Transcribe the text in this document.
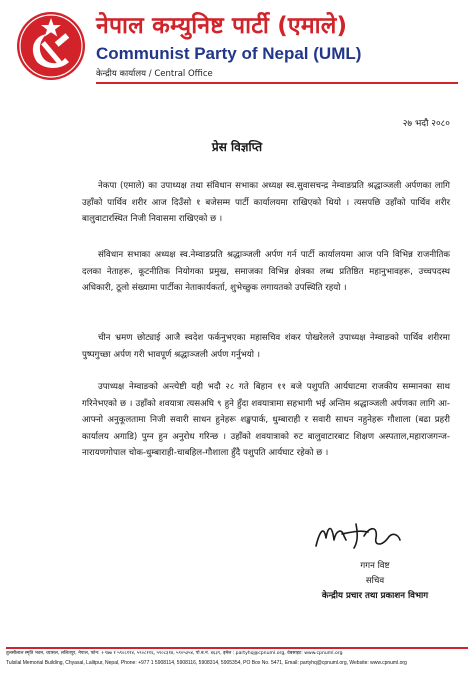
नेपाल कम्युनिष्ट पार्टी (एमाले)
Communist Party of Nepal (UML)
केन्द्रीय कार्यालय / Central Office
२७ भदौ २०८०
प्रेस विज्ञप्ति

नेकपा (एमाले) का उपाध्यक्ष तथा संविधान सभाका अध्यक्ष स्व.सुवासचन्द्र नेम्वाङप्रति श्रद्धाञ्जली अर्पणका लागि उहाँको पार्थिव शरीर आज दिउँसो १ बजेसम्म पार्टी कार्यालयमा राखिएको थियो । त्यसपछि उहाँको पार्थिव शरीर बालुवाटारस्थित निजी निवासमा राखिएको छ ।

संविधान सभाका अध्यक्ष स्व.नेम्वाङप्रति श्रद्धाञ्जली अर्पण गर्न पार्टी कार्यालयमा आज पनि विभिन्न राजनीतिक दलका नेताहरू, कूटनीतिक नियोगका प्रमुख, समाजका विभिन्न क्षेत्रका लब्ध प्रतिष्ठित महानुभावहरू, उच्चपदस्थ अधिकारी, ठूलो संख्यामा पार्टीका नेताकार्यकर्ता, शुभेच्छुक लगायतको उपस्थिति रहयो ।

चीन भ्रमण छोट्याई आजै स्वदेश फर्कनुभएका महासचिव शंकर पोखरेलले उपाध्यक्ष नेम्वाङको पार्थिव शरीरमा पुष्पगुच्छा अर्पण गरी भावपूर्ण श्रद्धाञ्जली अर्पण गर्नुभयो ।

उपाध्यक्ष नेम्वाङको अन्त्येष्टी यही भदौ २८ गते बिहान ११ बजे पशुपति आर्यघाटमा राजकीय सम्मानका साथ गरिनेभएको छ । उहाँको शवयात्रा त्यसअघि ९ हुने हुँदा शवयात्रामा सहभागी भई अन्तिम श्रद्धाञ्जली अर्पणका लागि आ-आफ्नो अनुकूलतामा निजी सवारी साधन हुनेहरू शङ्खपार्क, धुम्बाराही र सवारी साधन नहुनेहरू गौशाला (बढा प्रहरी कार्यालय अगाडि) पुग्न हुन अनुरोध गरिन्छ । उहाँको शवयात्राको रुट बालुवाटारबाट शिक्षण अस्पताल,महाराजगन्ज-नारायणगोपाल चोक-धुम्बाराही-चाबहिल-गौशाला हुँदै पशुपति आर्यघाट रहेको छ ।

गगन विष्ट
सचिव
केन्द्रीय प्रचार तथा प्रकाशन विभाग
तुलसीलाल स्मृति भवन, च्यासल, ललितपुर, नेपाल, फोन: +९७७ १ ५९०८११४, ५९०८११६, ५९०८३१४, ५९०५३५४, पो.ब.नं. ४६३९, इमेल : partyhq@cpnuml.org, वेबसाइट: www.cpnuml.org
Tulsilal Memorial Building, Chyasal, Lalitpur, Nepal, Phone: +977 1 5908114, 5908116, 5908314, 5905354, PO Box No. 5471, Email: partyhq@cpnuml.org, Website: www.cpnuml.org
